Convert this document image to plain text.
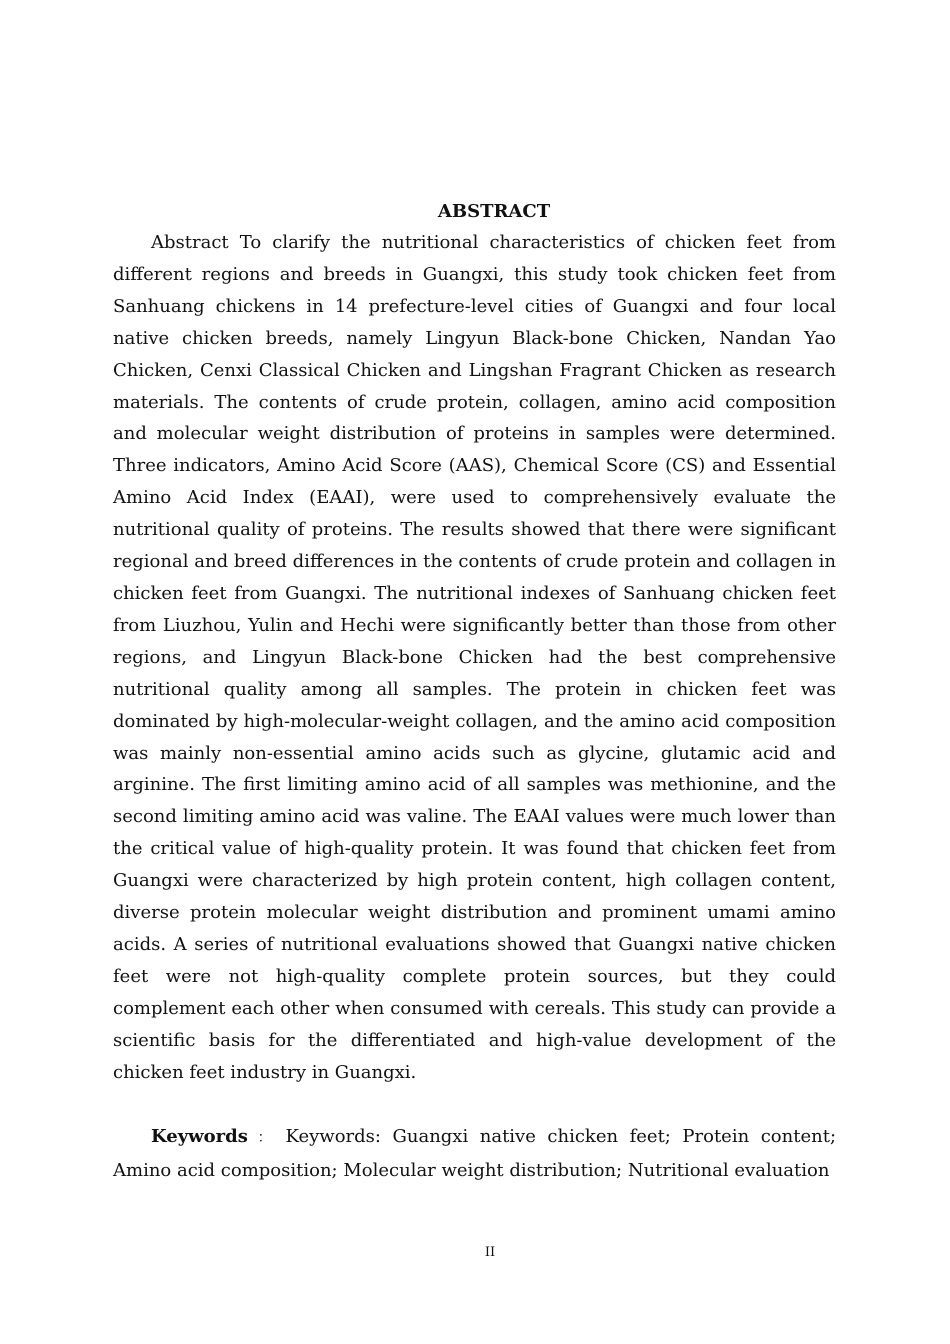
ABSTRACT

Abstract To clarify the nutritional characteristics of chicken feet from different regions and breeds in Guangxi, this study took chicken feet from Sanhuang chickens in 14 prefecture-level cities of Guangxi and four local native chicken breeds, namely Lingyun Black-bone Chicken, Nandan Yao Chicken, Cenxi Classical Chicken and Lingshan Fragrant Chicken as research materials. The contents of crude protein, collagen, amino acid composition and molecular weight distribution of proteins in samples were determined. Three indicators, Amino Acid Score (AAS), Chemical Score (CS) and Essential Amino Acid Index (EAAI), were used to comprehensively evaluate the nutritional quality of proteins. The results showed that there were significant regional and breed differences in the contents of crude protein and collagen in chicken feet from Guangxi. The nutritional indexes of Sanhuang chicken feet from Liuzhou, Yulin and Hechi were significantly better than those from other regions, and Lingyun Black-bone Chicken had the best comprehensive nutritional quality among all samples. The protein in chicken feet was dominated by high-molecular-weight collagen, and the amino acid composition was mainly non-essential amino acids such as glycine, glutamic acid and arginine. The first limiting amino acid of all samples was methionine, and the second limiting amino acid was valine. The EAAI values were much lower than the critical value of high-quality protein. It was found that chicken feet from Guangxi were characterized by high protein content, high collagen content, diverse protein molecular weight distribution and prominent umami amino acids. A series of nutritional evaluations showed that Guangxi native chicken feet were not high-quality complete protein sources, but they could complement each other when consumed with cereals. This study can provide a scientific basis for the differentiated and high-value development of the chicken feet industry in Guangxi.

Keywords ： Keywords: Guangxi native chicken feet; Protein content; Amino acid composition; Molecular weight distribution; Nutritional evaluation

II
